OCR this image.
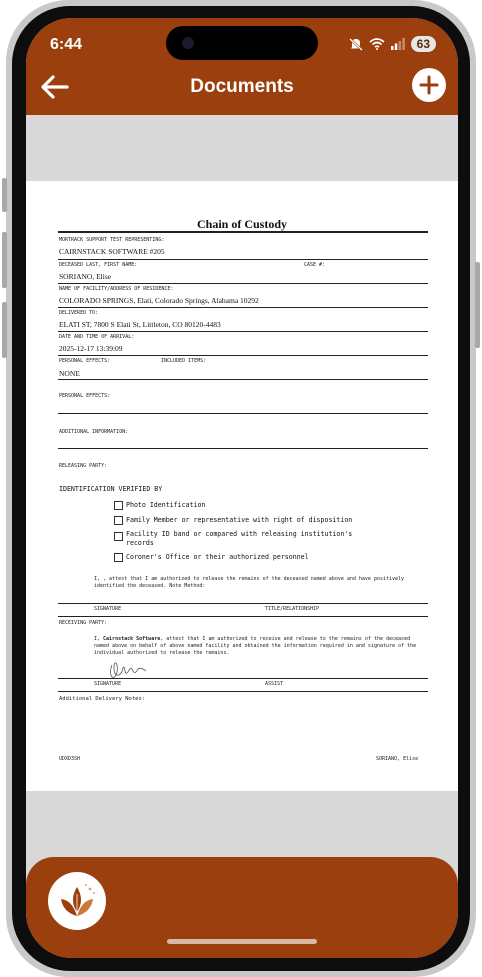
6:44	63
Documents
Chain of Custody
MORTRACK SUPPORT TEST REPRESENTING:
CAIRNSTACK SOFTWARE #205
DECEASED LAST, FIRST NAME:	CASE #:
SORIANO, Elise
NAME OF FACILITY/ADDRESS OF RESIDENCE:
COLORADO SPRINGS, Elati, Colorado Springs, Alabama 10292
DELIVERED TO:
ELATI ST, 7800 S Elati St, Littleton, CO 80120-4483
DATE AND TIME OF ARRIVAL:
2025-12-17 13:39:09
PERSONAL EFFECTS:	INCLUDED ITEMS:
NONE
PERSONAL EFFECTS:
ADDITIONAL INFORMATION:
RELEASING PARTY:
IDENTIFICATION VERIFIED BY
Photo Identification
Family Member or representative with right of disposition
Facility ID band or compared with releasing institution's
records
Coroner's Office or their authorized personnel
I, , attest that I am authorized to release the remains of the deceased named above and have positively identified the deceased. Note Method:
SIGNATURE	TITLE/RELATIONSHIP
RECEIVING PARTY:
I, Cairnstack Software, attest that I am authorized to receive and release to the remains of the deceased named above on behalf of above named facility and obtained the information required in and signature of the individual authorized to release the remains.
SIGNATURE	ASSIST
Additional Delivery Notes:
UDXD3SH	SORIANO, Elise
